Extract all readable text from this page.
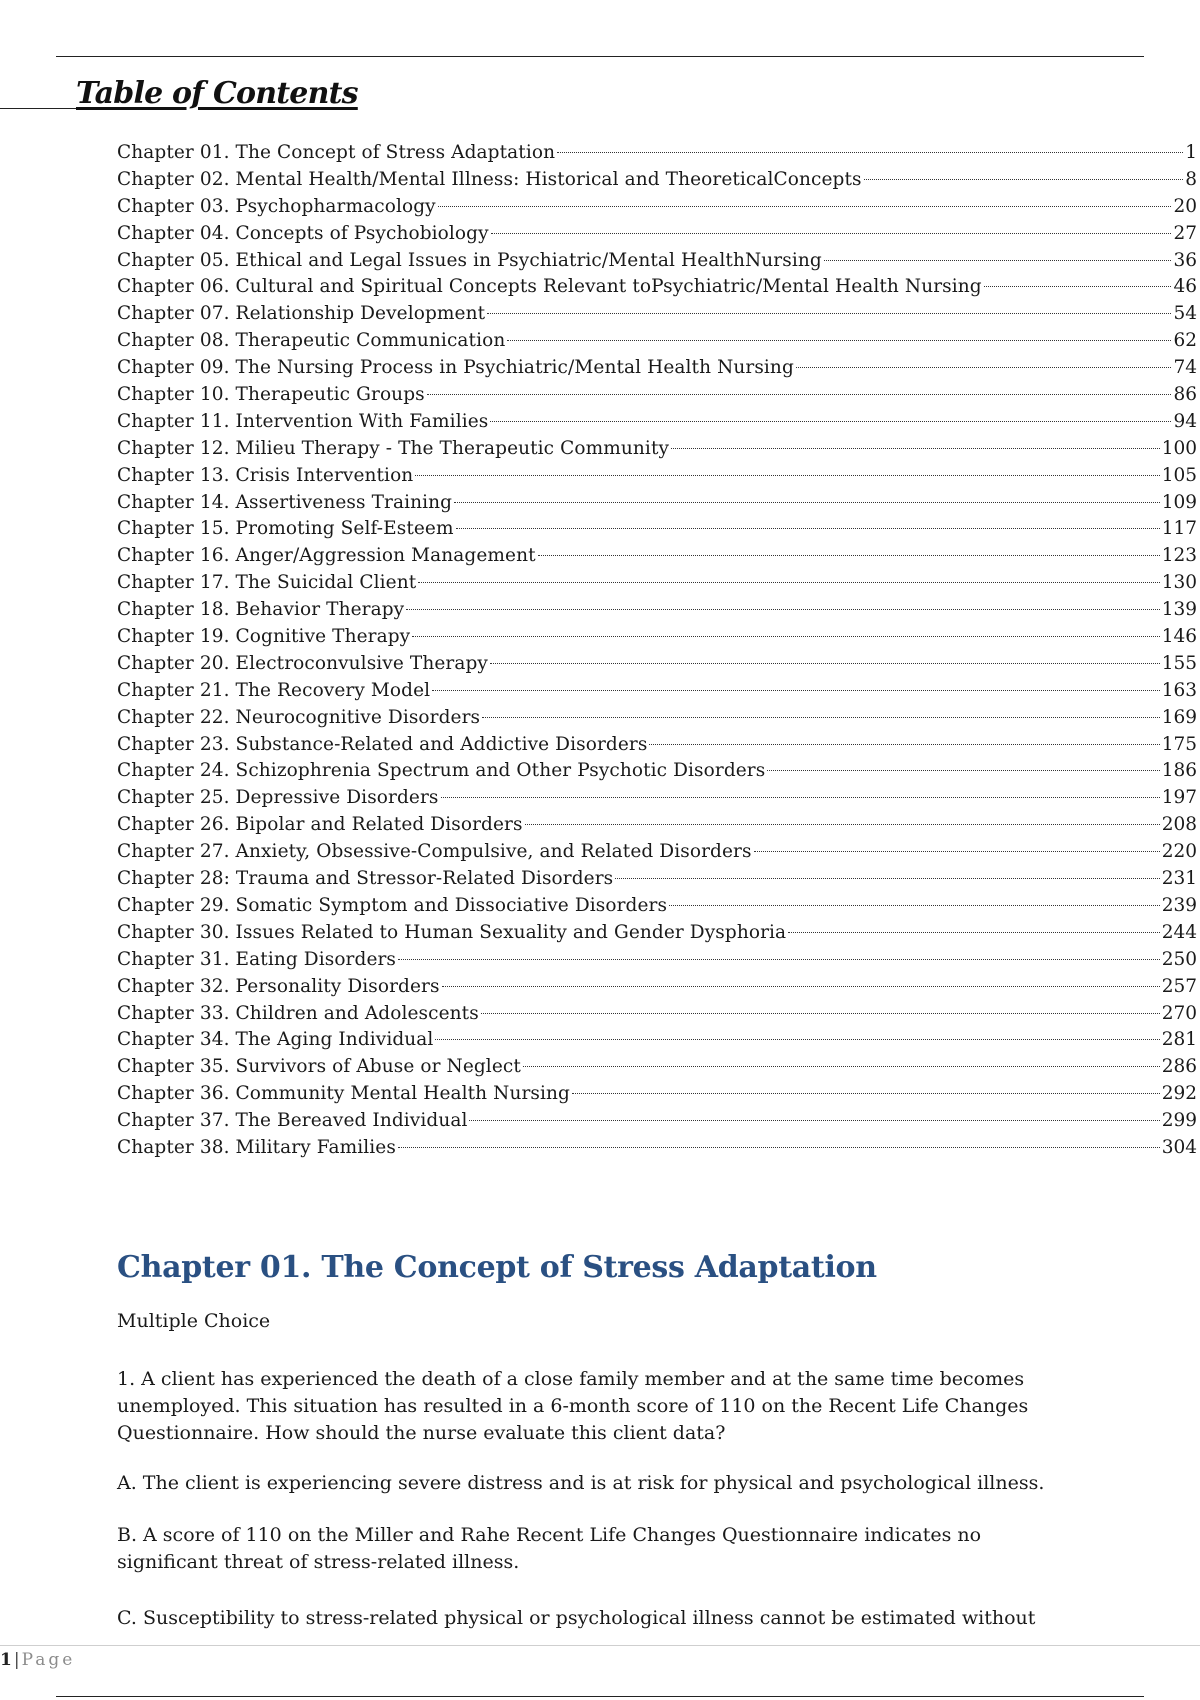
Table of Contents
Chapter 01. The Concept of Stress Adaptation	1
Chapter 02. Mental Health/Mental Illness: Historical and TheoreticalConcepts	8
Chapter 03. Psychopharmacology	20
Chapter 04. Concepts of Psychobiology	27
Chapter 05. Ethical and Legal Issues in Psychiatric/Mental HealthNursing	36
Chapter 06. Cultural and Spiritual Concepts Relevant toPsychiatric/Mental Health Nursing	46
Chapter 07. Relationship Development	54
Chapter 08. Therapeutic Communication	62
Chapter 09. The Nursing Process in Psychiatric/Mental Health Nursing	74
Chapter 10. Therapeutic Groups	86
Chapter 11. Intervention With Families	94
Chapter 12. Milieu Therapy - The Therapeutic Community	100
Chapter 13. Crisis Intervention	105
Chapter 14. Assertiveness Training	109
Chapter 15. Promoting Self-Esteem	117
Chapter 16. Anger/Aggression Management	123
Chapter 17. The Suicidal Client	130
Chapter 18. Behavior Therapy	139
Chapter 19. Cognitive Therapy	146
Chapter 20. Electroconvulsive Therapy	155
Chapter 21. The Recovery Model	163
Chapter 22. Neurocognitive Disorders	169
Chapter 23. Substance-Related and Addictive Disorders	175
Chapter 24. Schizophrenia Spectrum and Other Psychotic Disorders	186
Chapter 25. Depressive Disorders	197
Chapter 26. Bipolar and Related Disorders	208
Chapter 27. Anxiety, Obsessive-Compulsive, and Related Disorders	220
Chapter 28: Trauma and Stressor-Related Disorders	231
Chapter 29. Somatic Symptom and Dissociative Disorders	239
Chapter 30. Issues Related to Human Sexuality and Gender Dysphoria	244
Chapter 31. Eating Disorders	250
Chapter 32. Personality Disorders	257
Chapter 33. Children and Adolescents	270
Chapter 34. The Aging Individual	281
Chapter 35. Survivors of Abuse or Neglect	286
Chapter 36. Community Mental Health Nursing	292
Chapter 37. The Bereaved Individual	299
Chapter 38. Military Families	304
Chapter 01. The Concept of Stress Adaptation

Multiple Choice

1. A client has experienced the death of a close family member and at the same time becomes unemployed. This situation has resulted in a 6-month score of 110 on the Recent Life Changes Questionnaire. How should the nurse evaluate this client data?

A. The client is experiencing severe distress and is at risk for physical and psychological illness.

B. A score of 110 on the Miller and Rahe Recent Life Changes Questionnaire indicates no significant threat of stress-related illness.

C. Susceptibility to stress-related physical or psychological illness cannot be estimated without

1 | Page
